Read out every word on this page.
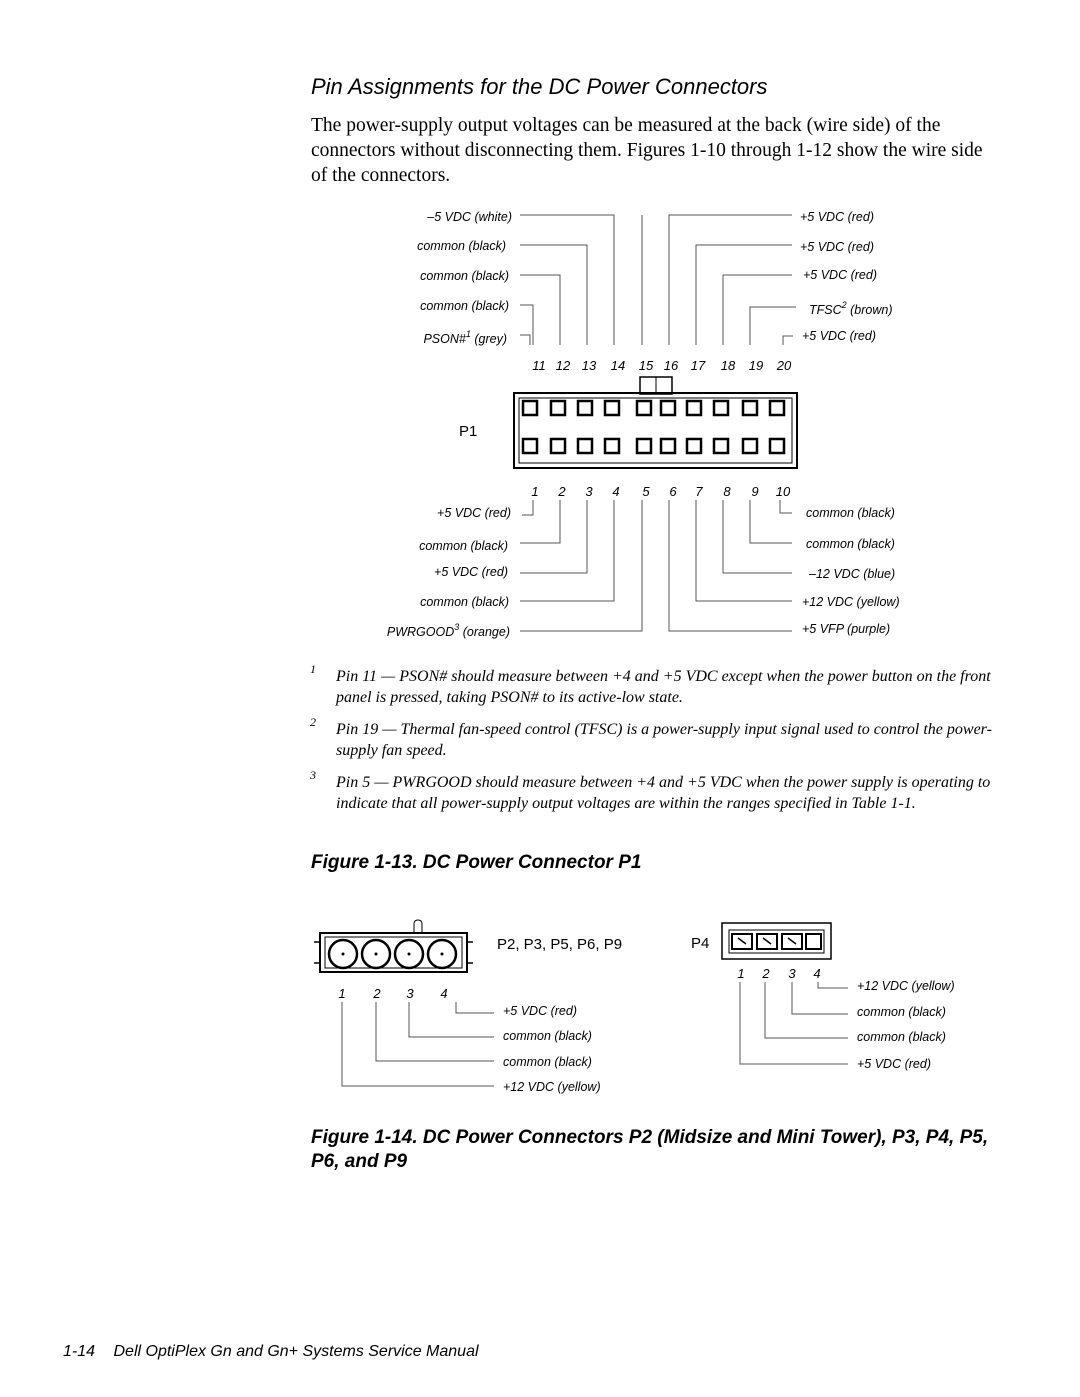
Pin Assignments for the DC Power Connectors
The power-supply output voltages can be measured at the back (wire side) of the connectors without disconnecting them. Figures 1-10 through 1-12 show the wire side of the connectors.
11 12 13 14 15 16 17 18 19 20
P1
1 2 3 4 5 6 7 8 9 10
–5 VDC (white)
common (black)
common (black)
common (black)
PSON#$^1$ (grey)
+5 VDC (red)
+5 VDC (red)
+5 VDC (red)
TFSC$^2$ (brown)
+5 VDC (red)
+5 VDC (red)
common (black)
+5 VDC (red)
common (black)
PWRGOOD$^3$ (orange)
common (black)
common (black)
–12 VDC (blue)
+12 VDC (yellow)
+5 VFP (purple)
1 Pin 11 — PSON# should measure between +4 and +5 VDC except when the power button on the front panel is pressed, taking PSON# to its active-low state.
2 Pin 19 — Thermal fan-speed control (TFSC) is a power-supply input signal used to control the power-supply fan speed.
3 Pin 5 — PWRGOOD should measure between +4 and +5 VDC when the power supply is operating to indicate that all power-supply output voltages are within the ranges specified in Table 1-1.
Figure 1-13. DC Power Connector P1
P2, P3, P5, P6, P9
1 2 3 4
+5 VDC (red)
common (black)
common (black)
+12 VDC (yellow)
P4
1 2 3 4
+12 VDC (yellow)
common (black)
common (black)
+5 VDC (red)
Figure 1-14. DC Power Connectors P2 (Midsize and Mini Tower), P3, P4, P5, P6, and P9
1-14 Dell OptiPlex Gn and Gn+ Systems Service Manual
